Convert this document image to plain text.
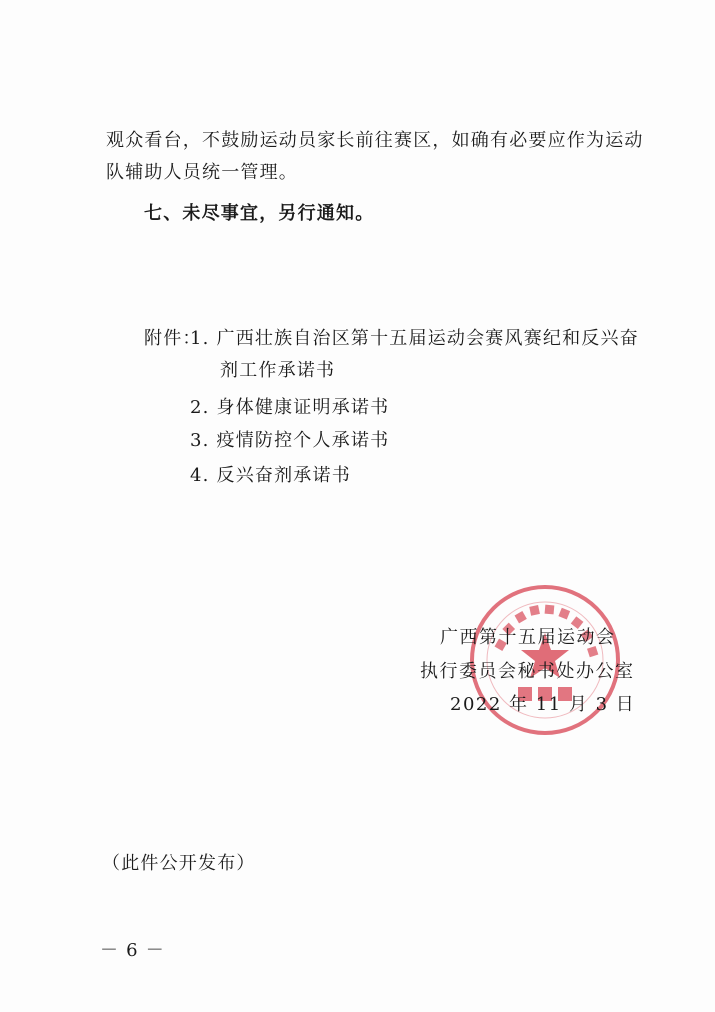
观众看台，不鼓励运动员家长前往赛区，如确有必要应作为运动
队辅助人员统一管理。
七、未尽事宜，另行通知。
附件：
1. 广西壮族自治区第十五届运动会赛风赛纪和反兴奋
剂工作承诺书
2. 身体健康证明承诺书
3. 疫情防控个人承诺书
4. 反兴奋剂承诺书
广西第十五届运动会
执行委员会秘书处办公室
2022 年 11 月 3 日
（此件公开发布）
－ 6 －
